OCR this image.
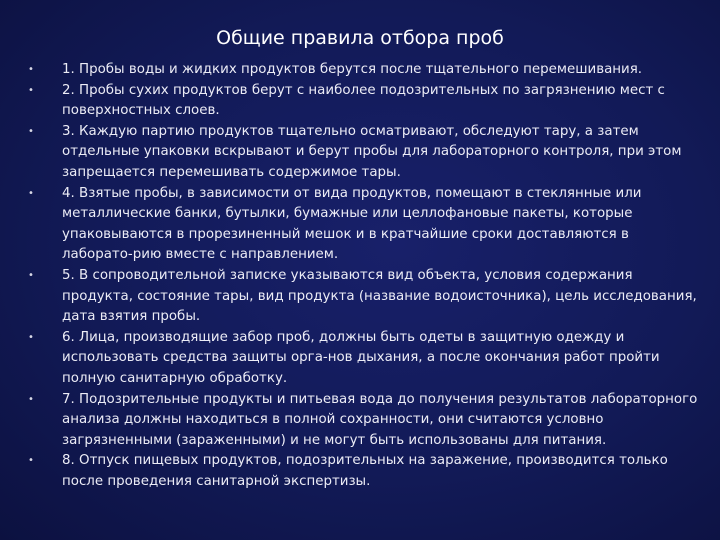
Общие правила отбора проб
•	1. Пробы воды и жидких продуктов берутся после тщательного перемешивания.
•	2. Пробы сухих продуктов берут с наиболее подозрительных по загрязнению мест с поверхностных слоев.
•	3. Каждую партию продуктов тщательно осматривают, обследуют тару, а затем отдельные упаковки вскрывают и берут пробы для лабораторного контроля, при этом запрещается перемешивать содержимое тары.
•	4. Взятые пробы, в зависимости от вида продуктов, помещают в стеклянные или металлические банки, бутылки, бумажные или целлофановые пакеты, которые упаковываются в прорезиненный мешок и в кратчайшие сроки доставляются в лаборато-рию вместе с направлением.
•	5. В сопроводительной записке указываются вид объекта, условия содержания продукта, состояние тары, вид продукта (название водоисточника), цель исследования, дата взятия пробы.
•	6. Лица, производящие забор проб, должны быть одеты в защитную одежду и использовать средства защиты орга-нов дыхания, а после окончания работ пройти полную санитарную обработку.
•	7. Подозрительные продукты и питьевая вода до получения результатов лабораторного анализа должны находиться в полной сохранности, они считаются условно загрязненными (зараженными) и не могут быть использованы для питания.
•	8. Отпуск пищевых продуктов, подозрительных на заражение, производится только после проведения санитарной экспертизы.
